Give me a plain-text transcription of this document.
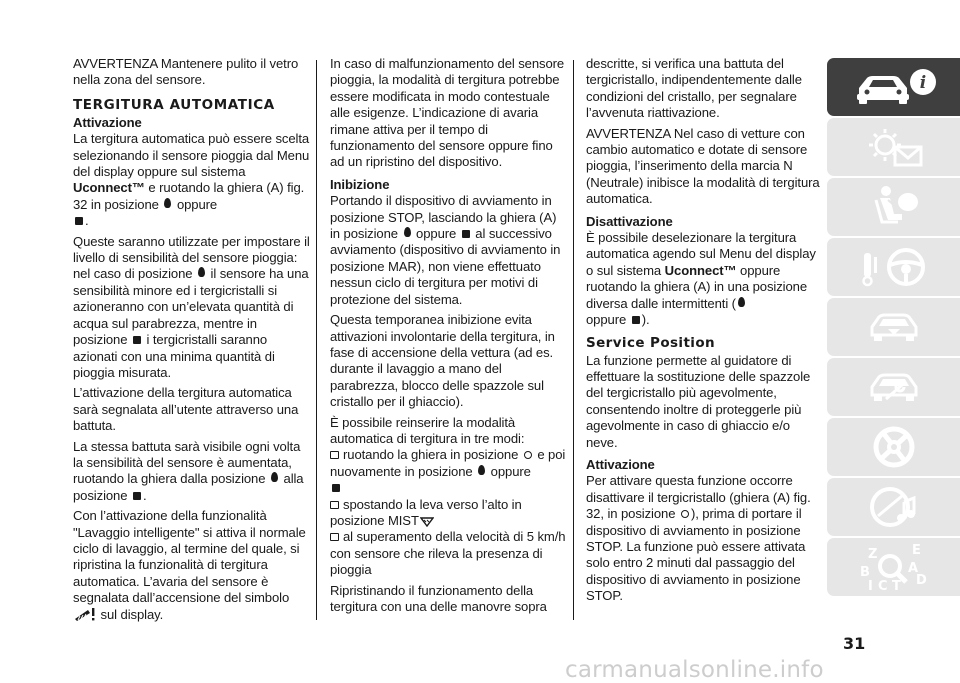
AVVERTENZA Mantenere pulito il vetro nella zona del sensore.

TERGITURA AUTOMATICA
Attivazione

La tergitura automatica può essere scelta selezionando il sensore pioggia dal Menu del display oppure sul sistema Uconnect™ e ruotando la ghiera (A) fig. 32 in posizione  oppure
.

Queste saranno utilizzate per impostare il livello di sensibilità del sensore pioggia: nel caso di posizione  il sensore ha una sensibilità minore ed i tergicristalli si azioneranno con un’elevata quantità di acqua sul parabrezza, mentre in posizione  i tergicristalli saranno azionati con una minima quantità di pioggia misurata.

L’attivazione della tergitura automatica sarà segnalata all’utente attraverso una battuta.

La stessa battuta sarà visibile ogni volta la sensibilità del sensore è aumentata, ruotando la ghiera dalla posizione  alla posizione .

Con l’attivazione della funzionalità "Lavaggio intelligente" si attiva il normale ciclo di lavaggio, al termine del quale, si ripristina la funzionalità di tergitura automatica. L’avaria del sensore è segnalata dall’accensione del simbolo sul display.

In caso di malfunzionamento del sensore pioggia, la modalità di tergitura potrebbe essere modificata in modo contestuale alle esigenze. L’indicazione di avaria rimane attiva per il tempo di funzionamento del sensore oppure fino ad un ripristino del dispositivo.

Inibizione

Portando il dispositivo di avviamento in posizione STOP, lasciando la ghiera (A) in posizione  oppure  al successivo avviamento (dispositivo di avviamento in posizione MAR), non viene effettuato nessun ciclo di tergitura per motivi di protezione del sistema.

Questa temporanea inibizione evita attivazioni involontarie della tergitura, in fase di accensione della vettura (ad es. durante il lavaggio a mano del parabrezza, blocco delle spazzole sul cristallo per il ghiaccio).

È possibile reinserire la modalità automatica di tergitura in tre modi:

ruotando la ghiera in posizione  e poi nuovamente in posizione  oppure

spostando la leva verso l’alto in posizione MIST
al superamento della velocità di 5 km/h con sensore che rileva la presenza di pioggia

Ripristinando il funzionamento della tergitura con una delle manovre sopra

descritte, si verifica una battuta del tergicristallo, indipendentemente dalle condizioni del cristallo, per segnalare l’avvenuta riattivazione.

AVVERTENZA Nel caso di vetture con cambio automatico e dotate di sensore pioggia, l’inserimento della marcia N (Neutrale) inibisce la modalità di tergitura automatica.

Disattivazione

È possibile deselezionare la tergitura automatica agendo sul Menu del display o sul sistema Uconnect™ oppure ruotando la ghiera (A) in una posizione diversa dalle intermittenti (
oppure ).

Service Position

La funzione permette al guidatore di effettuare la sostituzione delle spazzole del tergicristallo più agevolmente, consentendo inoltre di proteggerle più agevolmente in caso di ghiaccio e/o neve.

Attivazione

Per attivare questa funzione occorre disattivare il tergicristallo (ghiera (A) fig. 32, in posizione ), prima di portare il dispositivo di avviamento in posizione STOP. La funzione può essere attivata solo entro 2 minuti dal passaggio del dispositivo di avviamento in posizione STOP.

i
Z	E
A
B
I C T D
31
carmanualsonline.info
